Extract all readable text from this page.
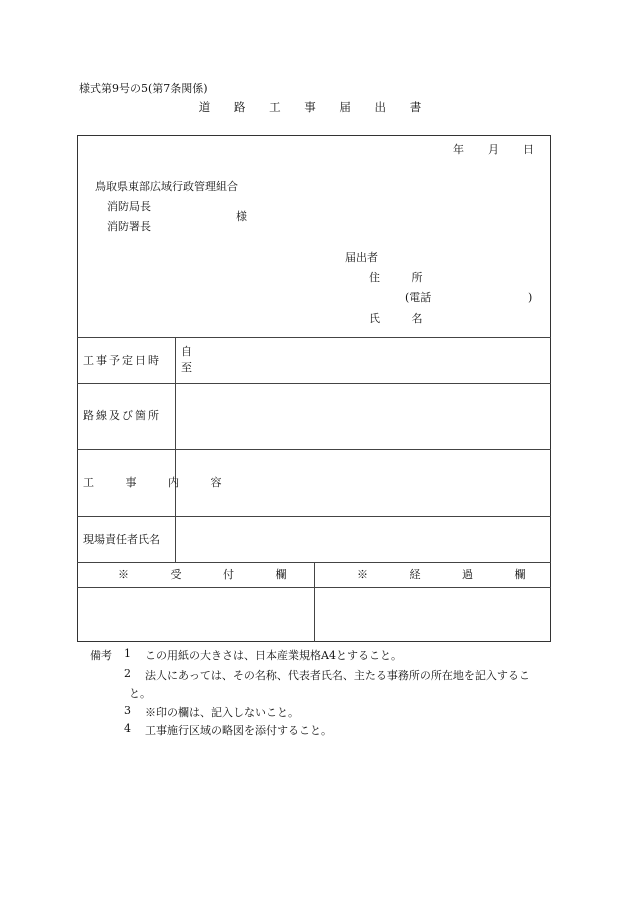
様式第9号の5(第7条関係)
道 路 工 事 届 出 書
年 月 日
鳥取県東部広域行政管理組合
消防局長
消防署長
様
届出者
住 所
(電話	)
氏 名
工事予定日時
自
至
路線及び箇所
工 事 内 容
現場責任者氏名
※ 受 付 欄	※ 経 過 欄
備考 1 この用紙の大きさは、日本産業規格A4とすること。
2 法人にあっては、その名称、代表者氏名、主たる事務所の所在地を記入するこ
と。
3 ※印の欄は、記入しないこと。
4 工事施行区域の略図を添付すること。
